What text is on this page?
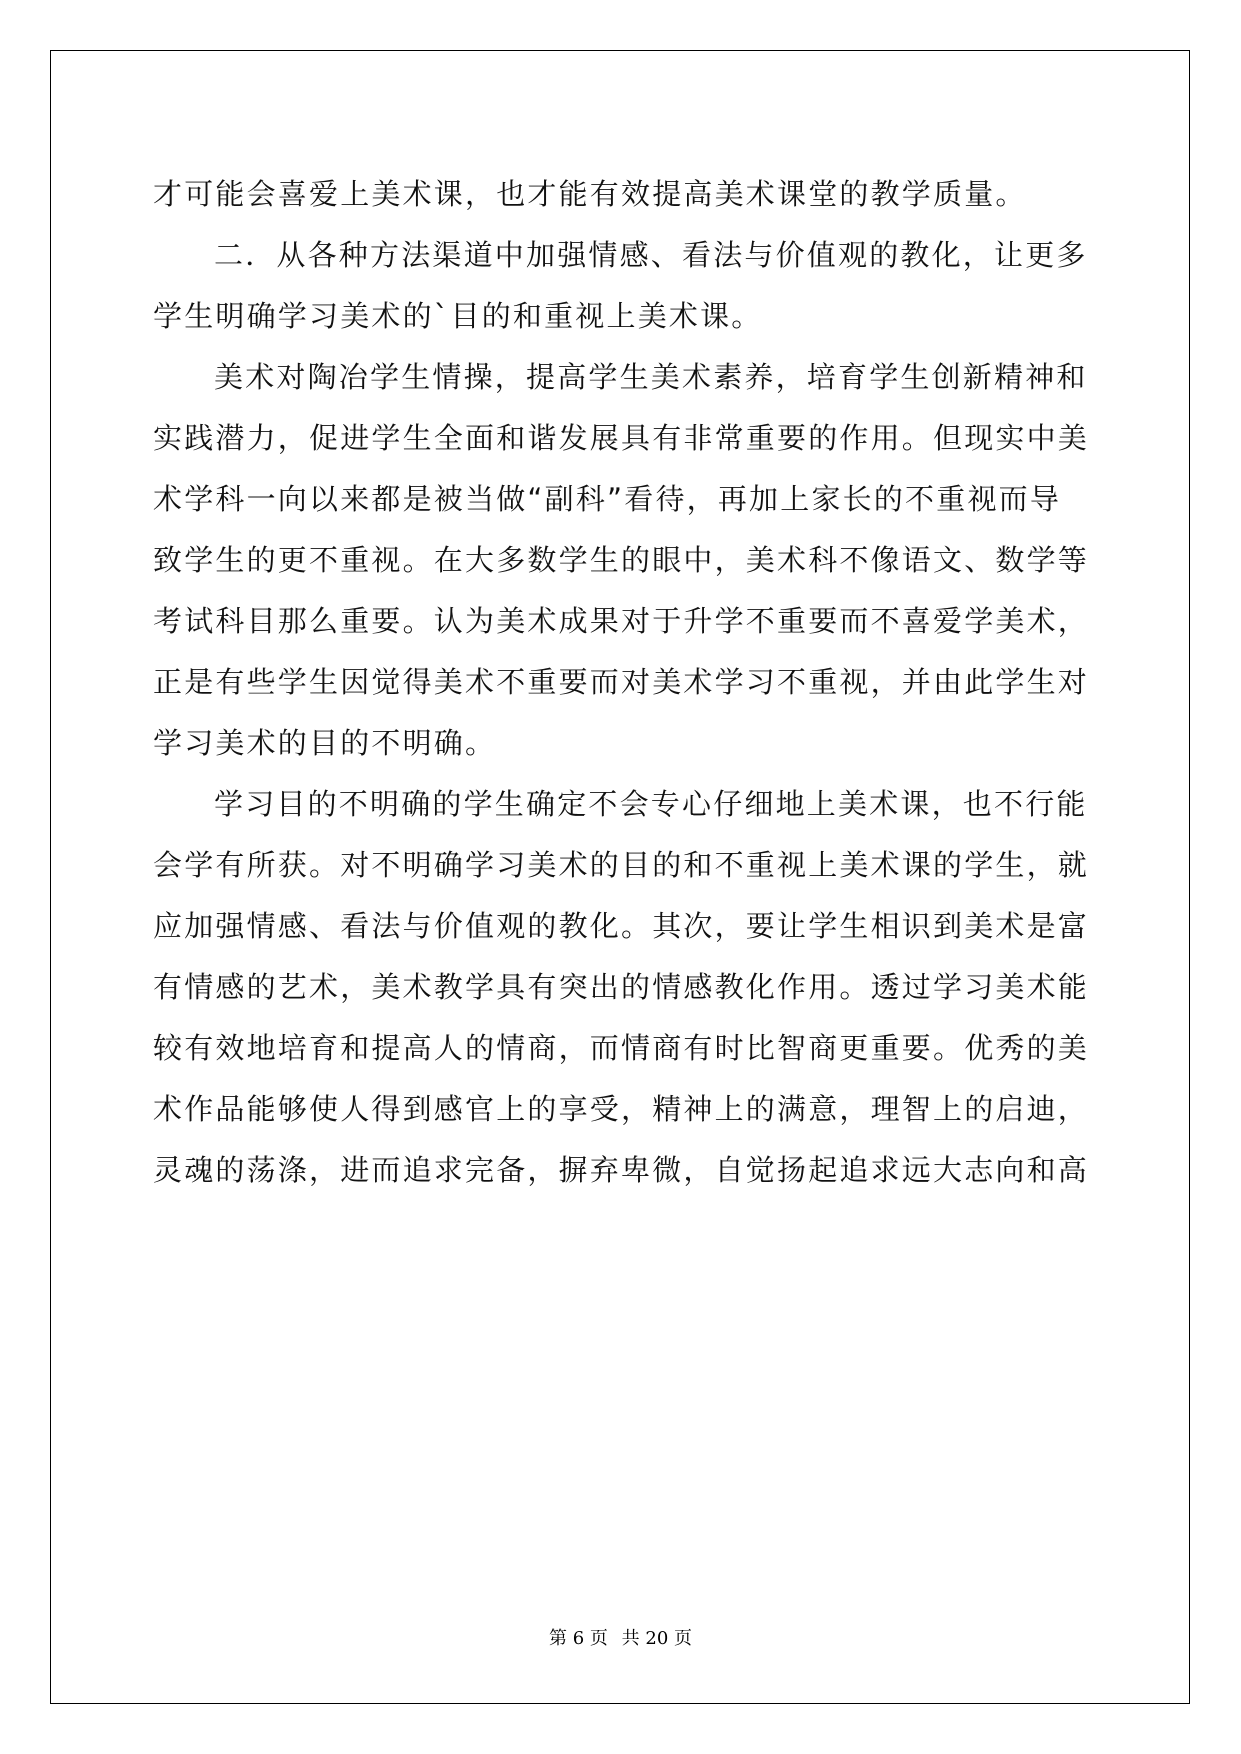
才可能会喜爱上美术课，也才能有效提高美术课堂的教学质量。
二．从各种方法渠道中加强情感、看法与价值观的教化，让更多
学生明确学习美术的`目的和重视上美术课。
美术对陶冶学生情操，提高学生美术素养，培育学生创新精神和
实践潜力，促进学生全面和谐发展具有非常重要的作用。但现实中美
术学科一向以来都是被当做“副科”看待，再加上家长的不重视而导
致学生的更不重视。在大多数学生的眼中，美术科不像语文、数学等
考试科目那么重要。认为美术成果对于升学不重要而不喜爱学美术，
正是有些学生因觉得美术不重要而对美术学习不重视，并由此学生对
学习美术的目的不明确。
学习目的不明确的学生确定不会专心仔细地上美术课，也不行能
会学有所获。对不明确学习美术的目的和不重视上美术课的学生，就
应加强情感、看法与价值观的教化。其次，要让学生相识到美术是富
有情感的艺术，美术教学具有突出的情感教化作用。透过学习美术能
较有效地培育和提高人的情商，而情商有时比智商更重要。优秀的美
术作品能够使人得到感官上的享受，精神上的满意，理智上的启迪，
灵魂的荡涤，进而追求完备，摒弃卑微，自觉扬起追求远大志向和高
第 6 页 共 20 页
